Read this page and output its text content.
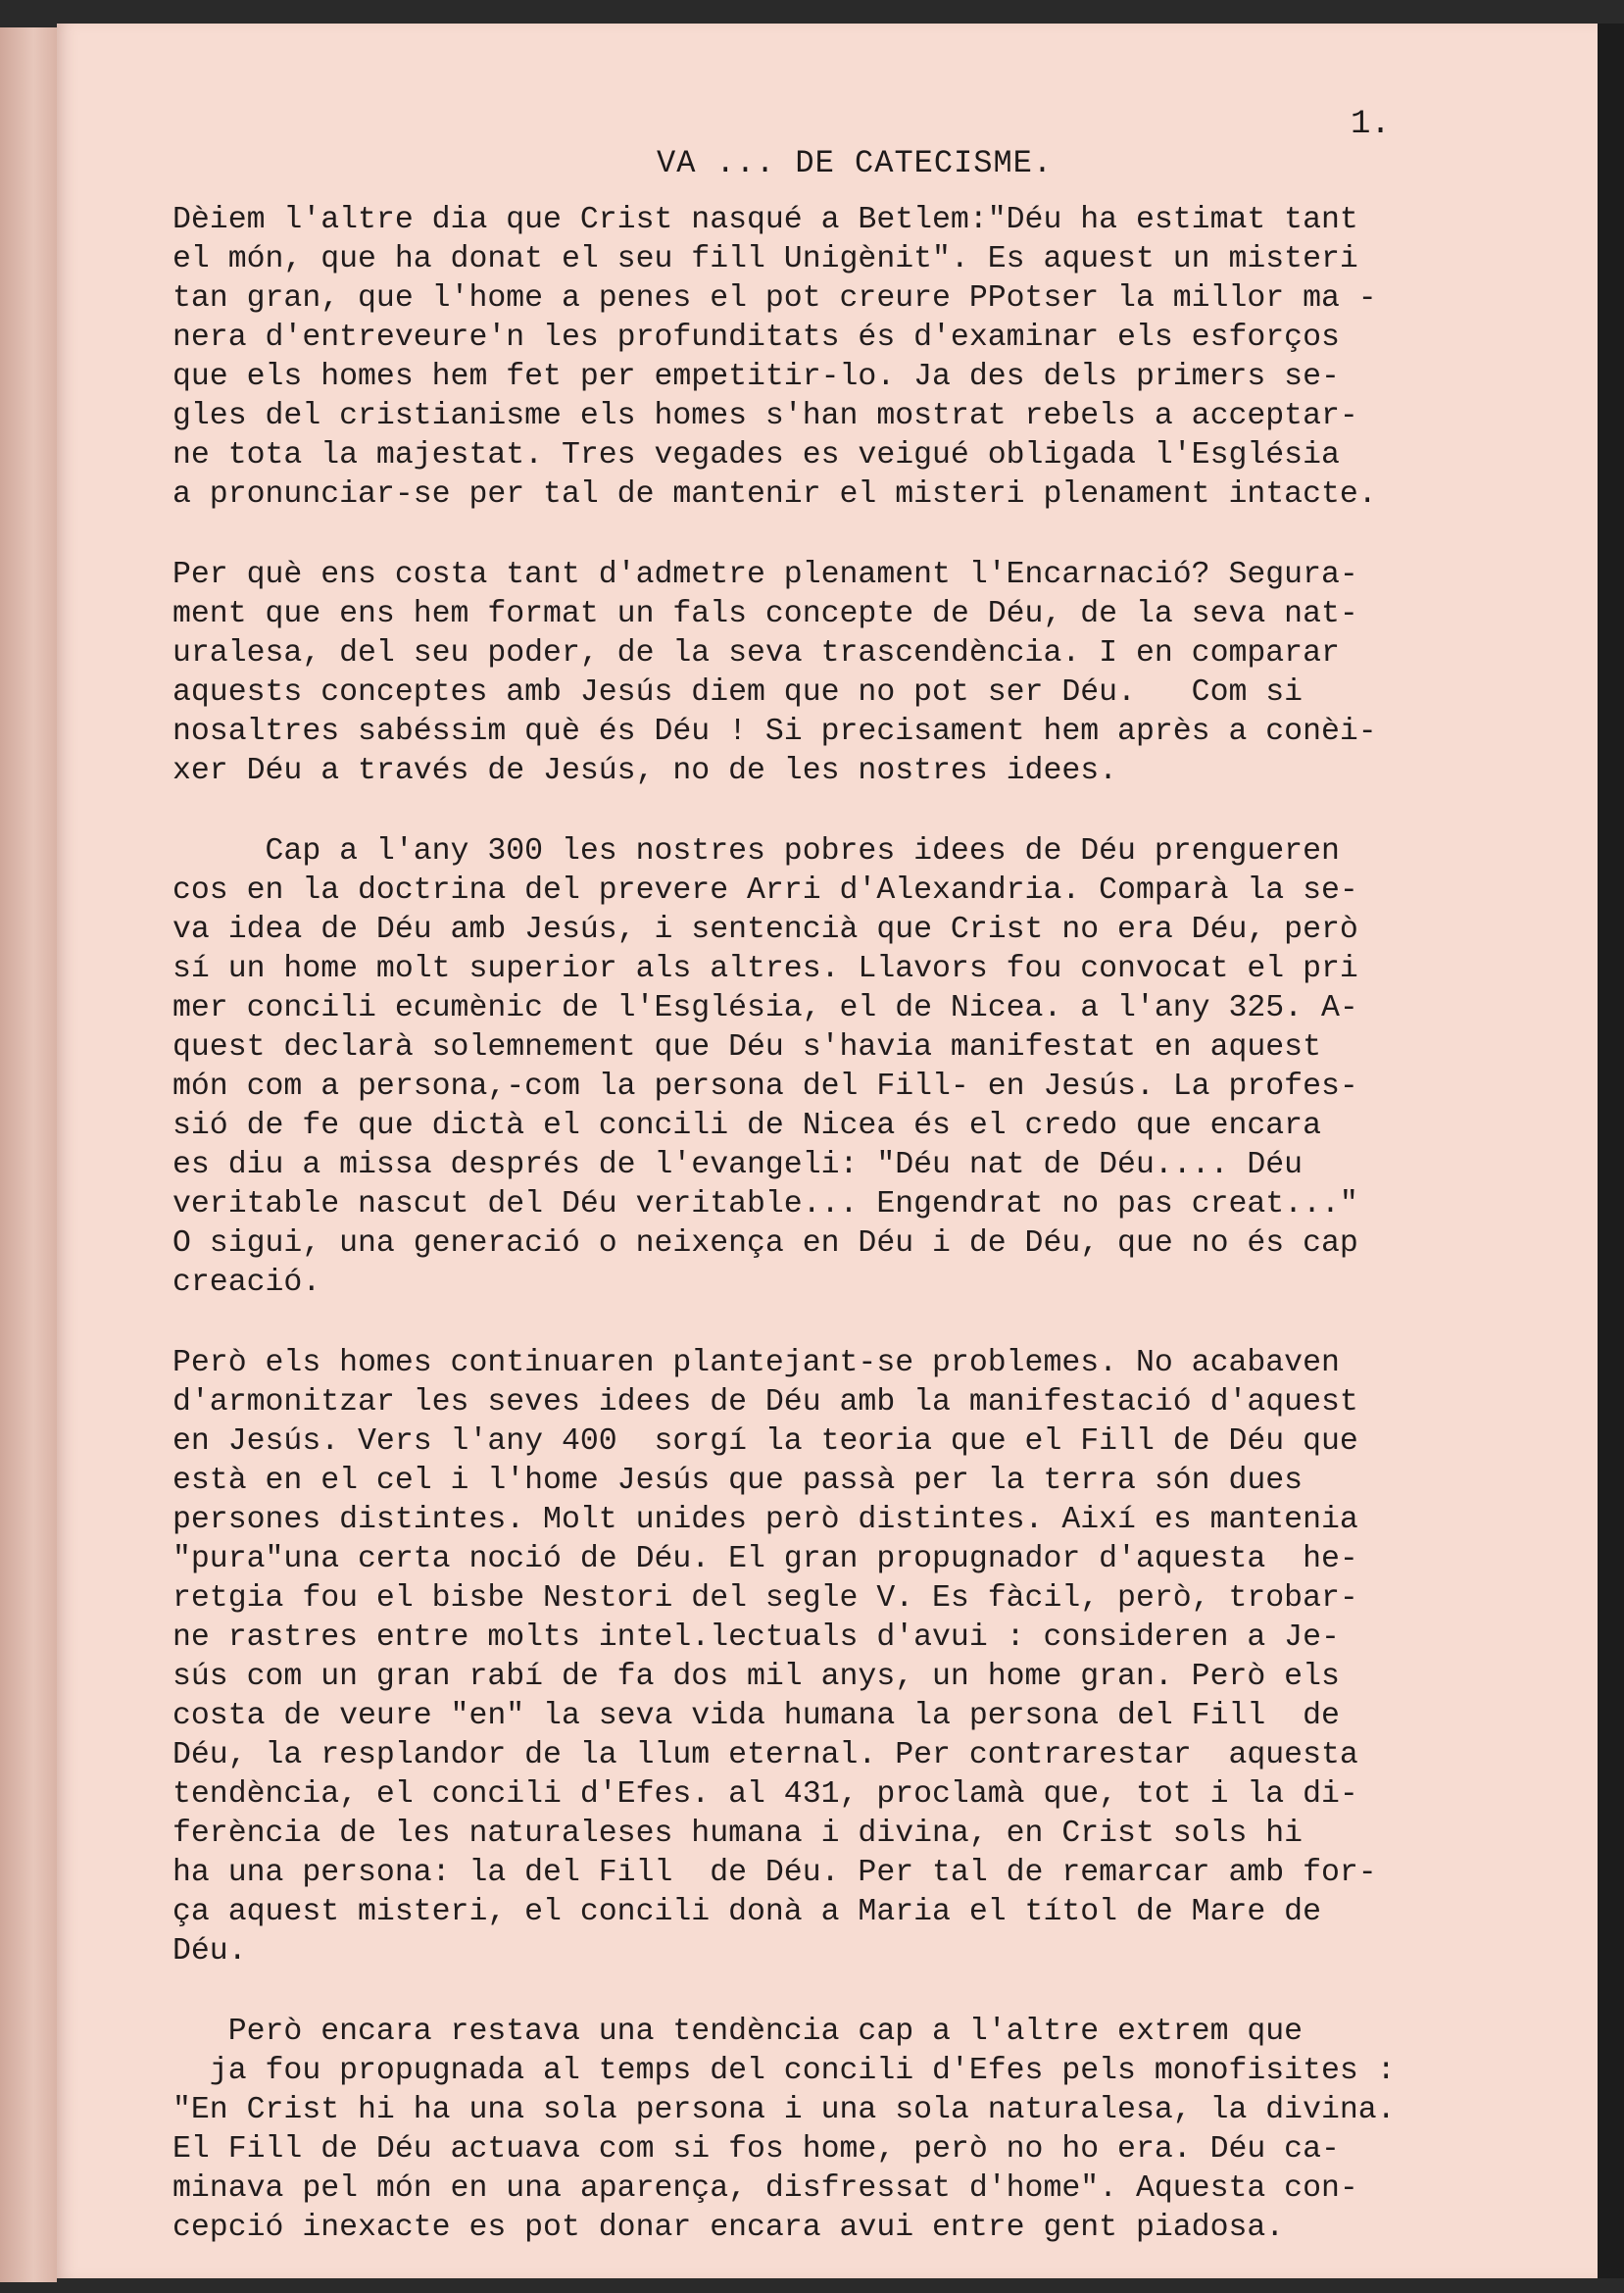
1.
VA ... DE CATECISME.
Dèiem l'altre dia que Crist nasqué a Betlem:"Déu ha estimat tant
el món, que ha donat el seu fill Unigènit". Es aquest un misteri
tan gran, que l'home a penes el pot creure PPotser la millor ma -
nera d'entreveure'n les profunditats és d'examinar els esforços
que els homes hem fet per empetitir-lo. Ja des dels primers se-
gles del cristianisme els homes s'han mostrat rebels a acceptar-
ne tota la majestat. Tres vegades es veigué obligada l'Església
a pronunciar-se per tal de mantenir el misteri plenament intacte.
Per què ens costa tant d'admetre plenament l'Encarnació? Segura-
ment que ens hem format un fals concepte de Déu, de la seva nat-
uralesa, del seu poder, de la seva trascendència. I en comparar
aquests conceptes amb Jesús diem que no pot ser Déu.   Com si
nosaltres sabéssim què és Déu ! Si precisament hem après a conèi-
xer Déu a través de Jesús, no de les nostres idees.
Cap a l'any 300 les nostres pobres idees de Déu prengueren
cos en la doctrina del prevere Arri d'Alexandria. Comparà la se-
va idea de Déu amb Jesús, i sentencià que Crist no era Déu, però
sí un home molt superior als altres. Llavors fou convocat el pri
mer concili ecumènic de l'Església, el de Nicea. a l'any 325. A-
quest declarà solemnement que Déu s'havia manifestat en aquest
món com a persona,-com la persona del Fill- en Jesús. La profes-
sió de fe que dictà el concili de Nicea és el credo que encara
es diu a missa després de l'evangeli: "Déu nat de Déu.... Déu
veritable nascut del Déu veritable... Engendrat no pas creat..."
O sigui, una generació o neixença en Déu i de Déu, que no és cap
creació.
Però els homes continuaren plantejant-se problemes. No acabaven
d'armonitzar les seves idees de Déu amb la manifestació d'aquest
en Jesús. Vers l'any 400  sorgí la teoria que el Fill de Déu que
està en el cel i l'home Jesús que passà per la terra són dues
persones distintes. Molt unides però distintes. Així es mantenia
"pura"una certa noció de Déu. El gran propugnador d'aquesta  he-
retgia fou el bisbe Nestori del segle V. Es fàcil, però, trobar-
ne rastres entre molts intel.lectuals d'avui : consideren a Je-
sús com un gran rabí de fa dos mil anys, un home gran. Però els
costa de veure "en" la seva vida humana la persona del Fill  de
Déu, la resplandor de la llum eternal. Per contrarestar  aquesta
tendència, el concili d'Efes. al 431, proclamà que, tot i la di-
ferència de les naturaleses humana i divina, en Crist sols hi
ha una persona: la del Fill  de Déu. Per tal de remarcar amb for-
ça aquest misteri, el concili donà a Maria el títol de Mare de
Déu.
Però encara restava una tendència cap a l'altre extrem que
ja fou propugnada al temps del concili d'Efes pels monofisites :
"En Crist hi ha una sola persona i una sola naturalesa, la divina.
El Fill de Déu actuava com si fos home, però no ho era. Déu ca-
minava pel món en una aparença, disfressat d'home". Aquesta con-
cepció inexacte es pot donar encara avui entre gent piadosa.
